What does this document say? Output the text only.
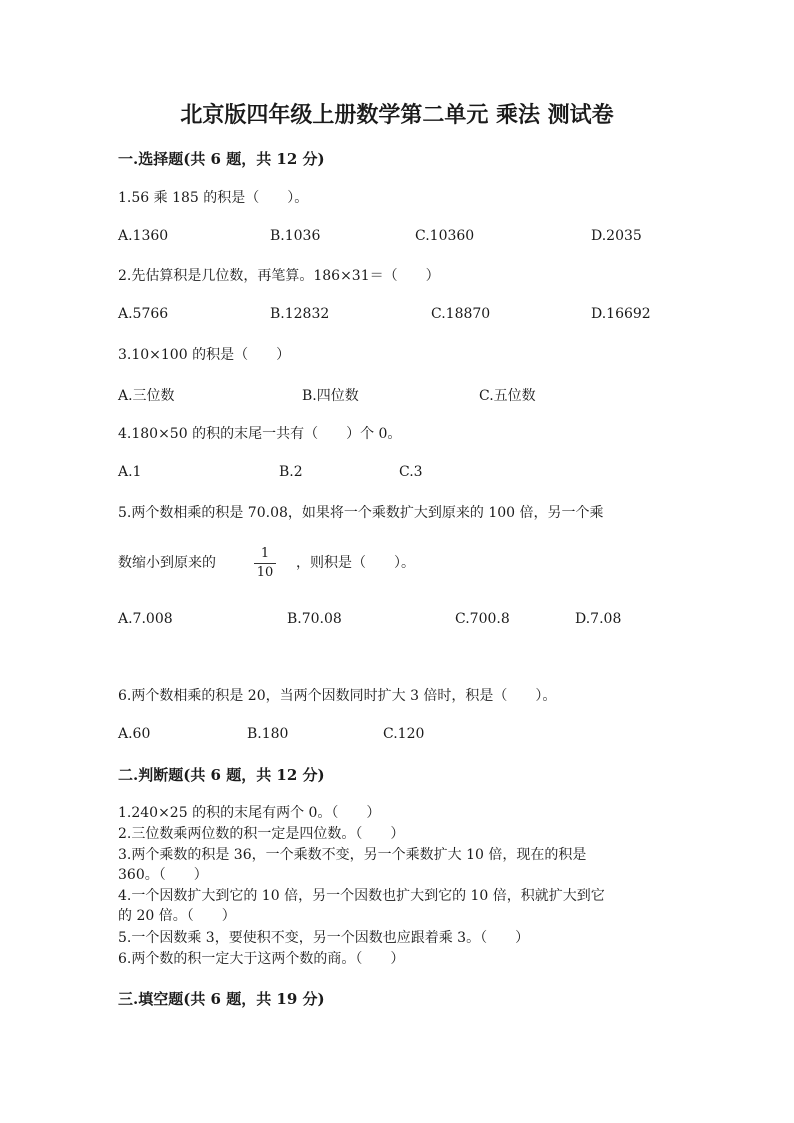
北京版四年级上册数学第二单元 乘法 测试卷
一.选择题(共 6 题，共 12 分)
1.56 乘 185 的积是（　　）。
A.1360	B.1036	C.10360	D.2035
2.先估算积是几位数，再笔算。186×31＝（　　）
A.5766	B.12832	C.18870	D.16692
3.10×100 的积是（　　）
A.三位数	B.四位数	C.五位数
4.180×50 的积的末尾一共有（　　）个 0。
A.1	B.2	C.3
5.两个数相乘的积是 70.08，如果将一个乘数扩大到原来的 100 倍，另一个乘
数缩小到原来的
1
10
，则积是（　　）。
A.7.008	B.70.08	C.700.8	D.7.08
6.两个数相乘的积是 20，当两个因数同时扩大 3 倍时，积是（　　）。
A.60	B.180	C.120
二.判断题(共 6 题，共 12 分)
1.240×25 的积的末尾有两个 0。（　　）
2.三位数乘两位数的积一定是四位数。（　　）
3.两个乘数的积是 36，一个乘数不变，另一个乘数扩大 10 倍，现在的积是
360。（　　）
4.一个因数扩大到它的 10 倍，另一个因数也扩大到它的 10 倍，积就扩大到它
的 20 倍。（　　）
5.一个因数乘 3，要使积不变，另一个因数也应跟着乘 3。（　　）
6.两个数的积一定大于这两个数的商。（　　）
三.填空题(共 6 题，共 19 分)
